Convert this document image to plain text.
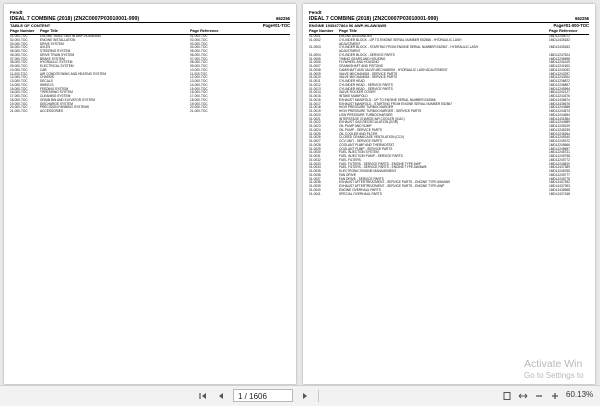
Fendt
IDEAL 7 COMBINE (2018) (ZN2C0007P03010001-999)	662256
TABLE OF CONTENT	Page#01-TOC
Page Number Page Title	Page Reference
01-000-TOC	ENGINE 1935477864 96 AWP-HLAW/AW5	01-000-TOC
02-000-TOC	ENGINE INSTALLATION	02-000-TOC
03-000-TOC	DRIVE SYSTEM	03-000-TOC
04-000-TOC	AXLES	04-000-TOC
05-000-TOC	STEERING SYSTEM	05-000-TOC
06-000-TOC	DRIVE TRAIN SYSTEM	06-000-TOC
07-000-TOC	BRAKE SYSTEM	07-000-TOC
08-000-TOC	HYDRAULIC SYSTEM	08-000-TOC
09-000-TOC	ELECTRICAL SYSTEM	09-000-TOC
10-000-TOC	CAB	10-000-TOC
11-000-TOC	AIR CONDITIONING AND HEATING SYSTEM	11-000-TOC
12-000-TOC	CHASSIS	12-000-TOC
13-000-TOC	DECALS	13-000-TOC
14-000-TOC	WHEELS	14-000-TOC
15-000-TOC	FEEDING SYSTEM	15-000-TOC
16-000-TOC	THRESHING SYSTEM	16-000-TOC
17-000-TOC	CLEANING SYSTEM	17-000-TOC
18-000-TOC	GRAIN BIN AND ELEVATOR SYSTEM	18-000-TOC
19-000-TOC	DISCHARGE SYSTEM	19-000-TOC
20-000-TOC	PRECISION FARMING SYSTEMS	20-000-TOC
21-000-TOC	ACCESSORIES	21-000-TOC
Fendt
IDEAL 7 COMBINE (2018) (ZN2C0007P03010001-999)	662256
ENGINE 1935477864 96 AWP-HLAW/AW5	Page#01-000-TOC
Page Number Page Title	Page Reference
01-0001	ENGINE ASSEMBLIES	1MDL2245072
01-0002	CYLINDER BLOCK - UP TO ENGINE SERIAL NUMBER E62566 - HYDRAULIC LASH	1MDL2435182
ADJUSTMENT
01-0003	CYLINDER BLOCK - STARTING FROM ENGINE SERIAL NUMBER E62567 - HYDRAULIC LASH	1MDL2435183
ADJUSTMENT
01-0004	CYLINDER BLOCK - SERVICE PARTS	1MDL2247524
01-0005	TIMING GEARS AND HOUSING	1MDL2236598
01-0006	FLYWHEEL AND HOUSING	1MDL2241619
01-0007	CRANKSHAFT AND PISTONS	1MDL2241500
01-0008	CAMSHAFT AND VALVE MECHANISM - HYDRAULIC LASH ADJUSTMENT	1MDL2243032
01-0009	VALVE MECHANISM - SERVICE PARTS	1MDL2243297
01-0010	VALVE MECHANISM - SERVICE PARTS	1MDL2243302
01-0011	CYLINDER HEAD	1MDL2236872
01-0012	CYLINDER HEAD - SERVICE PARTS	1MDL2236897
01-0013	CYLINDER HEAD - SERVICE PARTS	1MDL2245994
01-0014	VALVE ROCKER COVER	1MDL2242127
01-0015	INTAKE MANIFOLD	1MDL2243376
01-0016	EXHAUST MANIFOLD - UP TO ENGINE SERIAL NUMBER E62566	1MDL2436674
01-0017	EXHAUST MANIFOLD - STARTING FROM ENGINE SERIAL NUMBER E62567	1MDL2436675
01-0018	HIGH PRESSURE TURBOCHARGER	1MDL2244588
01-0019	HIGH PRESSURE TURBOCHARGER - SERVICE PARTS	1MDL2244573
01-0020	LOW PRESSURE TURBOCHARGER	1MDL2244694
01-0021	INTERSTAGE CHARGE AIR COOLER (ICAC)	1MDL2431854
01-0022	EXHAUST GAS RECIRCULATION (EGR)	1MDL2244989
01-0023	OIL PUMP AND SUMP	1MDL2245229
01-0024	OIL PUMP - SERVICE PARTS	1MDL2245235
01-0025	OIL COOLER AND FILTER	1MDL2245264
01-0026	CLOSED CRANKCASE VENTILATION (CCV)	1MDL2245340
01-0027	CCV UNIT - SERVICE PARTS	1MDL2245372
01-0028	COOLANT PUMP AND THERMOSTAT	1MDL2245666
01-0029	COOLANT PUMP - SERVICE PARTS	1MDL2245697
01-0030	FUEL INJECTION SYSTEM	1MDL2245731
01-0031	FUEL INJECTION PUMP - SERVICE PARTS	1MDL2245758
01-0032	FUEL FILTERS	1MDL2245772
01-0033	FUEL FILTERS - SERVICE PARTS - ENGINE TYPE AWP	1MDL2245810
01-0034	FUEL FILTERS - SERVICE PARTS - ENGINE TYPE AW/AW5	1MDL2437389
01-0035	ELECTRONIC ENGINE MANAGEMENT	1MDL2246765
01-0036	FAN DRIVE	1MDL2245777
01-0037	FAN DRIVE - SERVICE PARTS	1MDL2245778
01-0038	EXHAUST AFTERTREATMENT - SERVICE PARTS - ENGINE TYPE AW/AW5	1MDL2437392
01-0039	EXHAUST AFTERTREATMENT - SERVICE PARTS - ENGINE TYPE AWP	1MDL2437393
01-0040	ENGINE OVERHAUL PARTS	1MDL2436968
01-0041	SPECIAL OVERHAUL PARTS	1MDL2437168
Activate Win
Go to Settings to
1 / 1606	60.13%
